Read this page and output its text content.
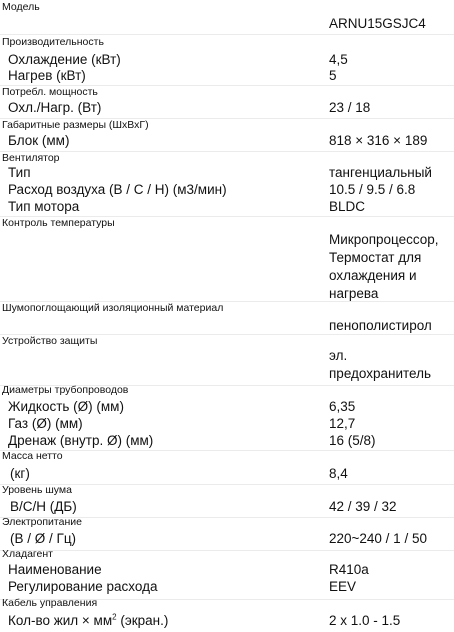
Модель
ARNU15GSJC4
Производительность
Охлаждение (кВт)	4,5
Нагрев (кВт)	5
Потребл. мощность
Охл./Нагр. (Вт)	23 / 18
Габаритные размеры (ШхВхГ)
Блок (мм)	818 × 316 × 189
Вентилятор
Тип	тангенциальный
Расход воздуха (В / С / Н) (м3/мин)	10.5 / 9.5 / 6.8
Тип мотора	BLDC
Контроль температуры
Микропроцессор, Термостат для охлаждения и нагрева
Шумопоглощающий изоляционный материал
пенополистирол
Устройство защиты
эл. предохранитель
Диаметры трубопроводов
Жидкость (Ø) (мм)	6,35
Газ (Ø) (мм)	12,7
Дренаж (внутр. Ø) (мм)	16 (5/8)
Масса нетто
(кг)	8,4
Уровень шума
В/С/Н (ДБ)	42 / 39 / 32
Электропитание
(В / Ø / Гц)	220~240 / 1 / 50
Хладагент
Наименование	R410a
Регулирование расхода	EEV
Кабель управления
Кол-во жил × $мм^2$ (экран.)	2 x 1.0 - 1.5
